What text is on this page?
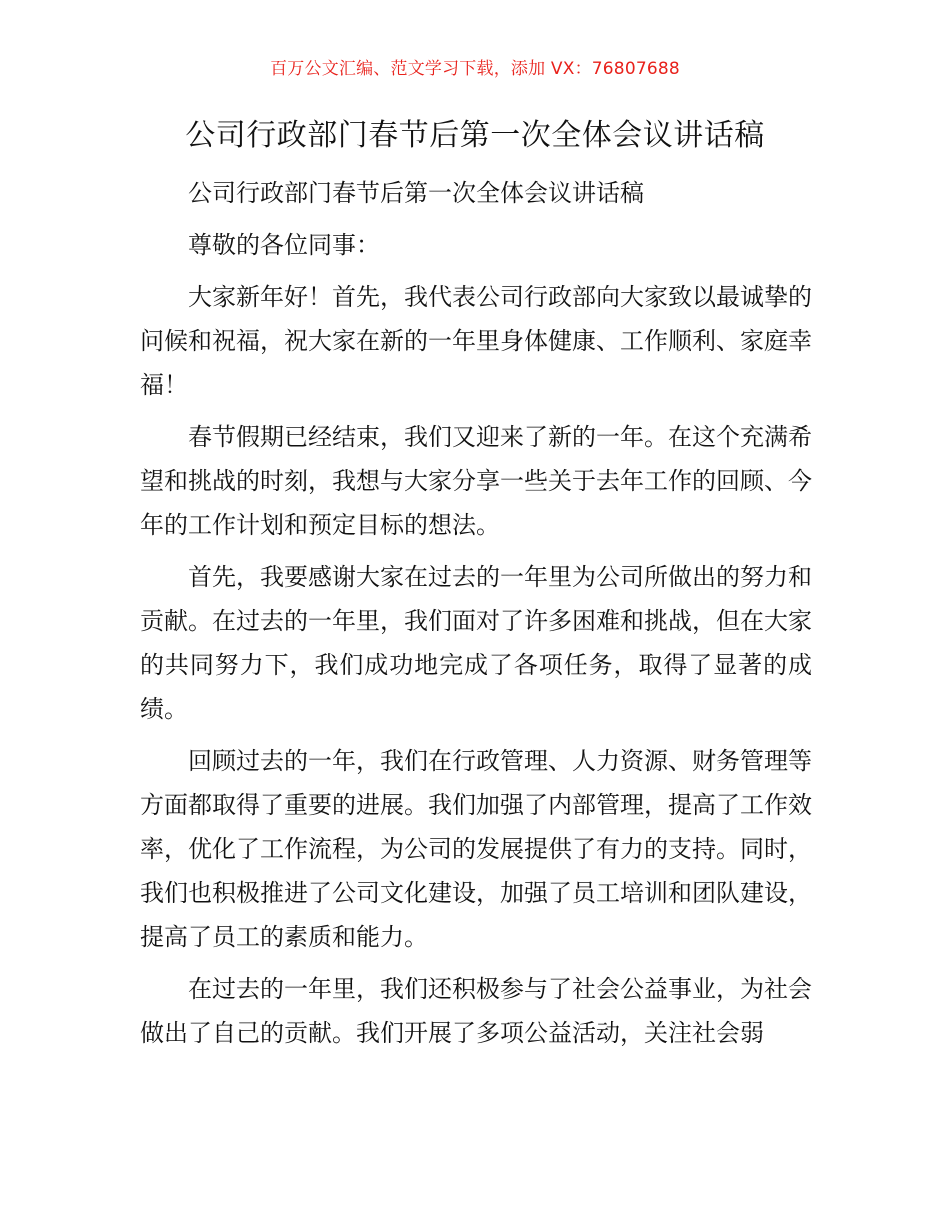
百万公文汇编、范文学习下载，添加 VX：76807688
公司行政部门春节后第一次全体会议讲话稿

公司行政部门春节后第一次全体会议讲话稿

尊敬的各位同事：

大家新年好！首先，我代表公司行政部向大家致以最诚挚的问候和祝福，祝大家在新的一年里身体健康、工作顺利、家庭幸福！

春节假期已经结束，我们又迎来了新的一年。在这个充满希望和挑战的时刻，我想与大家分享一些关于去年工作的回顾、今年的工作计划和预定目标的想法。

首先，我要感谢大家在过去的一年里为公司所做出的努力和贡献。在过去的一年里，我们面对了许多困难和挑战，但在大家的共同努力下，我们成功地完成了各项任务，取得了显著的成绩。

回顾过去的一年，我们在行政管理、人力资源、财务管理等方面都取得了重要的进展。我们加强了内部管理，提高了工作效率，优化了工作流程，为公司的发展提供了有力的支持。同时，我们也积极推进了公司文化建设，加强了员工培训和团队建设，提高了员工的素质和能力。

在过去的一年里，我们还积极参与了社会公益事业，为社会做出了自己的贡献。我们开展了多项公益活动，关注社会弱
